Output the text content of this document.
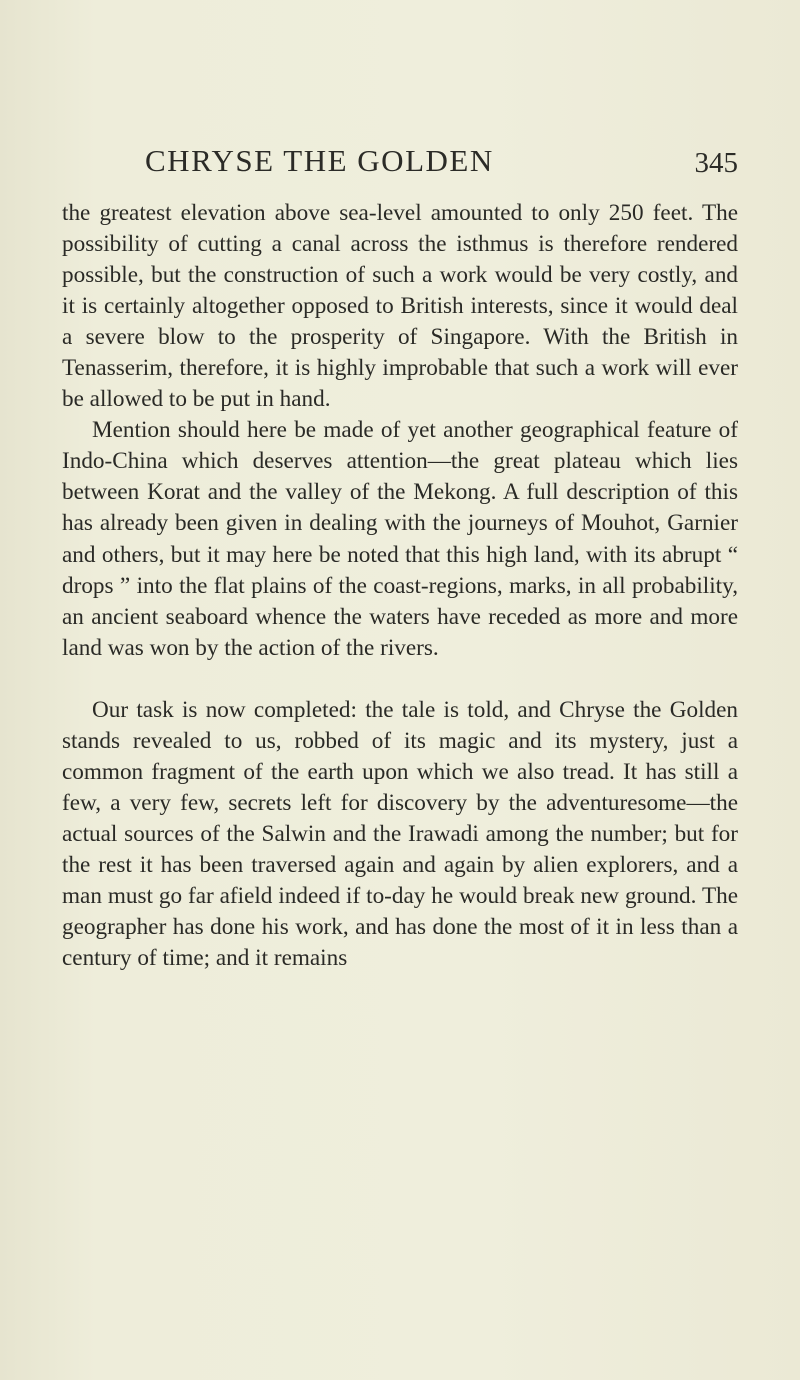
CHRYSE THE GOLDEN	345

the greatest elevation above sea-level amounted to only 250 feet. The possibility of cutting a canal across the isthmus is therefore rendered possible, but the construction of such a work would be very costly, and it is certainly altogether opposed to British interests, since it would deal a severe blow to the prosperity of Singapore. With the British in Tenasserim, therefore, it is highly improbable that such a work will ever be allowed to be put in hand.

Mention should here be made of yet another geographical feature of Indo-China which deserves attention—the great plateau which lies between Korat and the valley of the Mekong. A full description of this has already been given in dealing with the journeys of Mouhot, Garnier and others, but it may here be noted that this high land, with its abrupt “ drops ” into the flat plains of the coast-regions, marks, in all probability, an ancient seaboard whence the waters have receded as more and more land was won by the action of the rivers.

Our task is now completed: the tale is told, and Chryse the Golden stands revealed to us, robbed of its magic and its mystery, just a common fragment of the earth upon which we also tread. It has still a few, a very few, secrets left for discovery by the adventuresome—the actual sources of the Salwin and the Irawadi among the number; but for the rest it has been traversed again and again by alien explorers, and a man must go far afield indeed if to-day he would break new ground. The geographer has done his work, and has done the most of it in less than a century of time; and it remains
